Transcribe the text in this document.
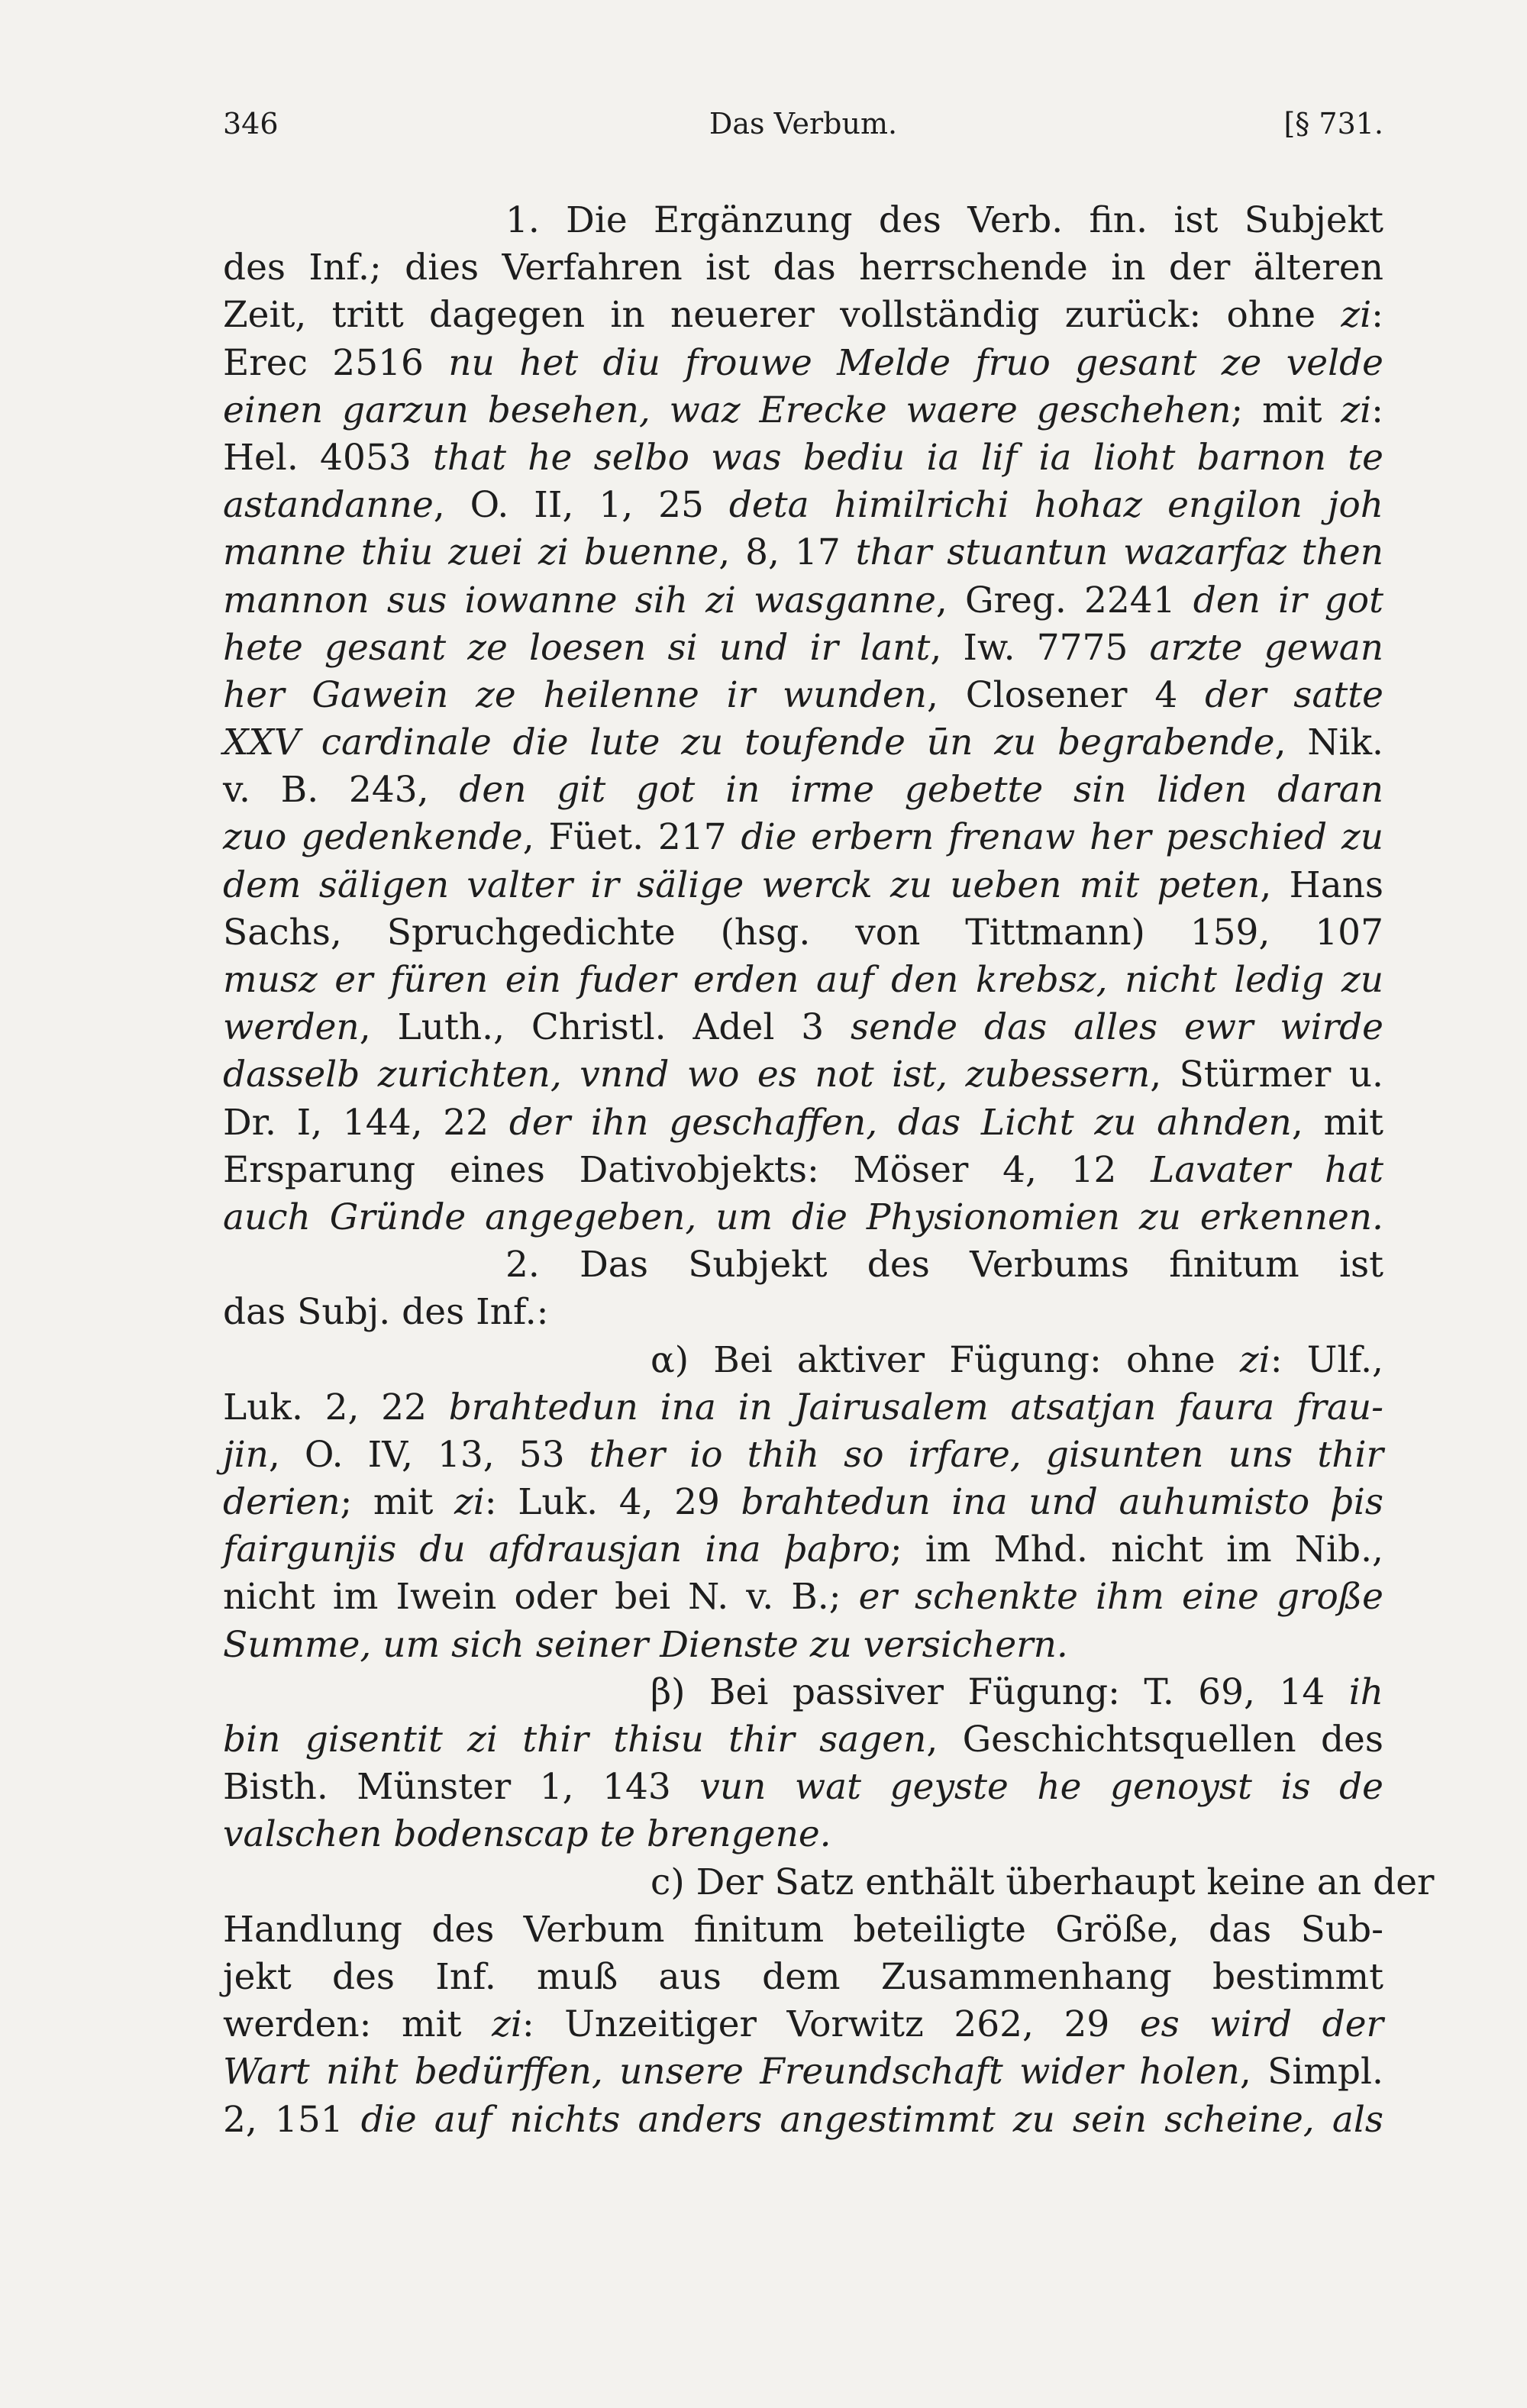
346	Das Verbum.	[§ 731.
1. Die Ergänzung des Verb. fin. ist Subjekt
des Inf.; dies Verfahren ist das herrschende in der älteren
Zeit, tritt dagegen in neuerer vollständig zurück: ohne zi:
Erec 2516 nu het diu frouwe Melde fruo gesant ze velde
einen garzun besehen, waz Erecke waere geschehen; mit zi:
Hel. 4053 that he selbo was bediu ia lif ia lioht barnon te
astandanne, O. II, 1, 25 deta himilrichi hohaz engilon joh
manne thiu zuei zi buenne, 8, 17 thar stuantun wazarfaz then
mannon sus iowanne sih zi wasganne, Greg. 2241 den ir got
hete gesant ze loesen si und ir lant, Iw. 7775 arzte gewan
her Gawein ze heilenne ir wunden, Closener 4 der satte
XXV cardinale die lute zu toufende ūn zu begrabende, Nik.
v. B. 243, den git got in irme gebette sin liden daran
zuo gedenkende, Füet. 217 die erbern frenaw her peschied zu
dem säligen valter ir sälige werck zu ueben mit peten, Hans
Sachs, Spruchgedichte (hsg. von Tittmann) 159, 107
musz er füren ein fuder erden auf den krebsz, nicht ledig zu
werden, Luth., Christl. Adel 3 sende das alles ewr wirde
dasselb zurichten, vnnd wo es not ist, zubessern, Stürmer u.
Dr. I, 144, 22 der ihn geschaffen, das Licht zu ahnden, mit
Ersparung eines Dativobjekts: Möser 4, 12 Lavater hat
auch Gründe angegeben, um die Physionomien zu erkennen.
2. Das Subjekt des Verbums finitum ist
das Subj. des Inf.:
α) Bei aktiver Fügung: ohne zi: Ulf.,
Luk. 2, 22 brahtedun ina in Jairusalem atsatjan faura frau-
jin, O. IV, 13, 53 ther io thih so irfare, gisunten uns thir
derien; mit zi: Luk. 4, 29 brahtedun ina und auhumisto þis
fairgunjis du afdrausjan ina þaþro; im Mhd. nicht im Nib.,
nicht im Iwein oder bei N. v. B.; er schenkte ihm eine große
Summe, um sich seiner Dienste zu versichern.
β) Bei passiver Fügung: T. 69, 14 ih
bin gisentit zi thir thisu thir sagen, Geschichtsquellen des
Bisth. Münster 1, 143 vun wat geyste he genoyst is de
valschen bodenscap te brengene.
c) Der Satz enthält überhaupt keine an der
Handlung des Verbum finitum beteiligte Größe, das Sub-
jekt des Inf. muß aus dem Zusammenhang bestimmt
werden: mit zi: Unzeitiger Vorwitz 262, 29 es wird der
Wart niht bedürffen, unsere Freundschaft wider holen, Simpl.
2, 151 die auf nichts anders angestimmt zu sein scheine, als
